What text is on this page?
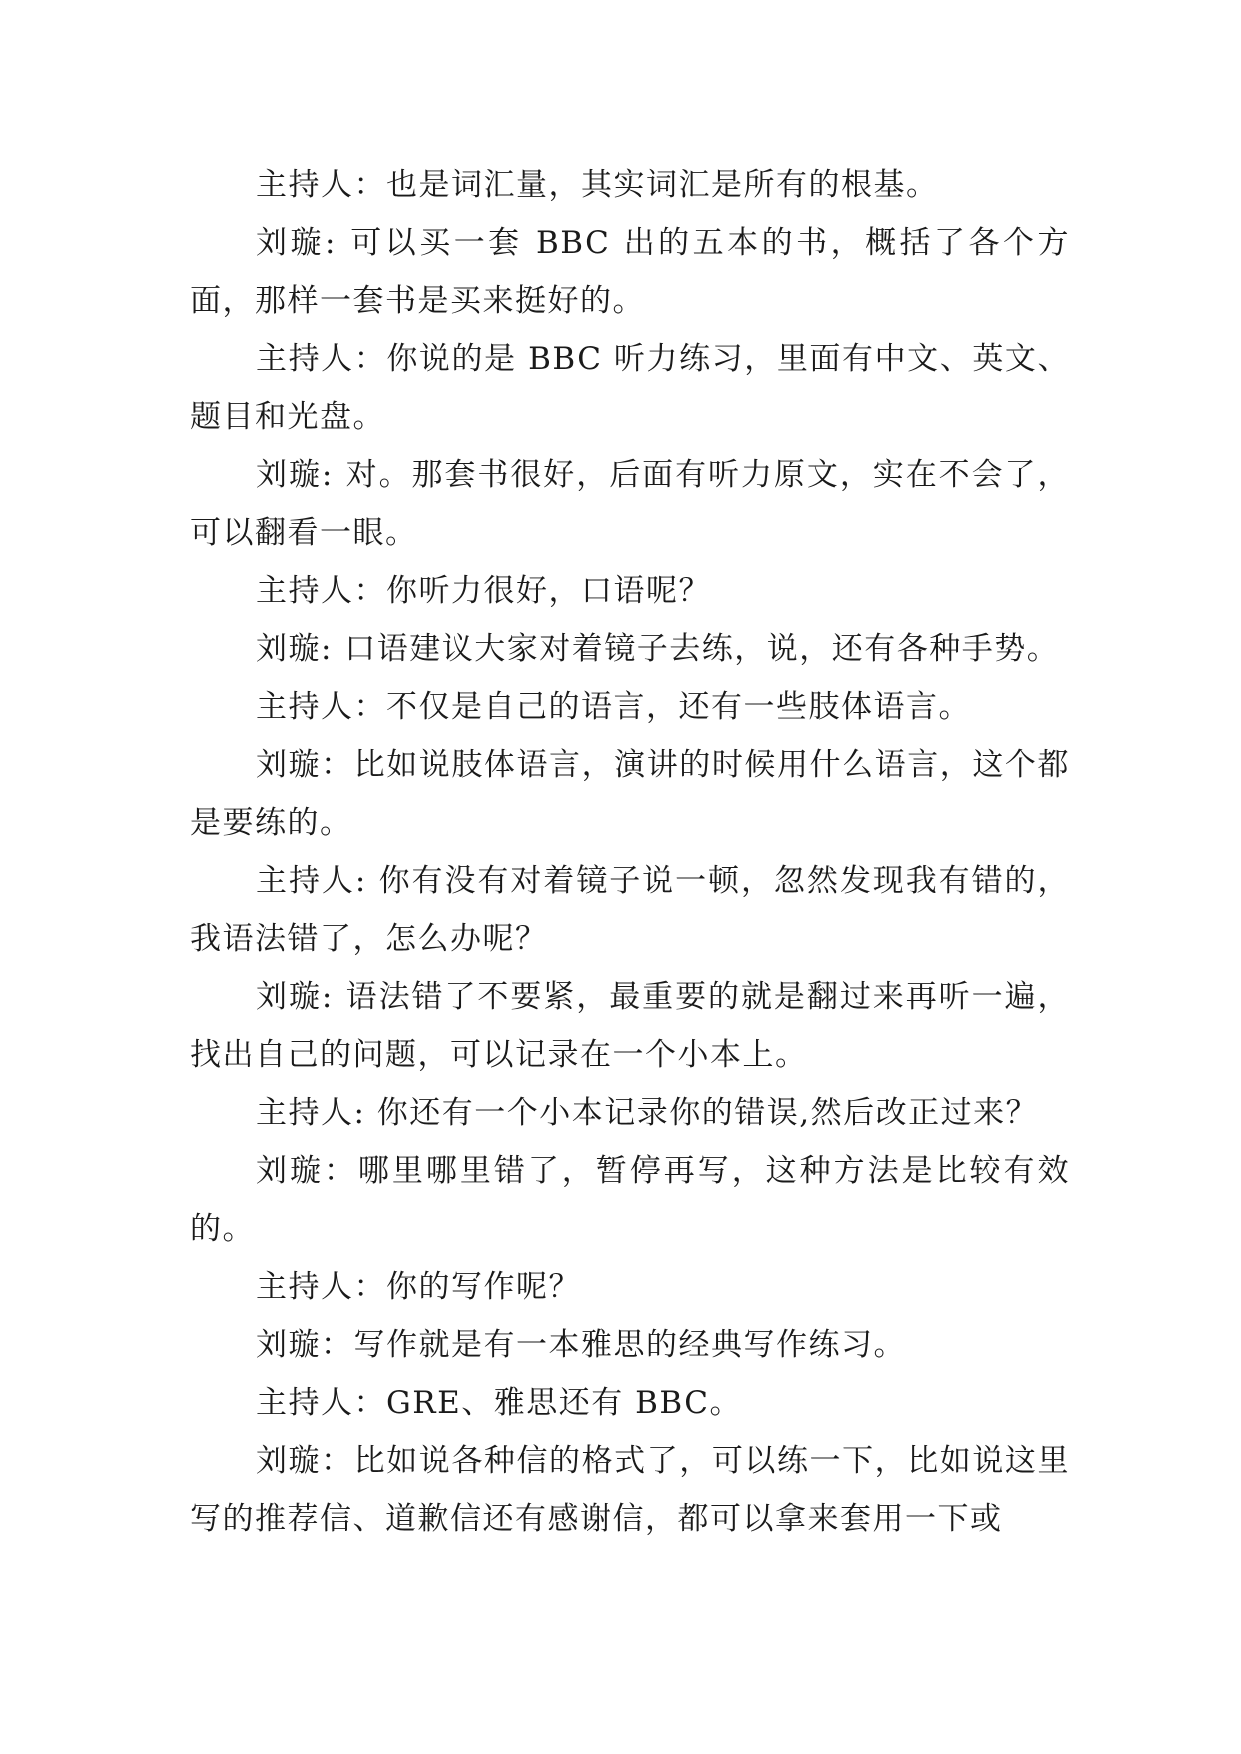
主持人：也是词汇量，其实词汇是所有的根基。

刘璇: 可以买一套 BBC 出的五本的书，概括了各个方面，那样一套书是买来挺好的。

主持人：你说的是 BBC 听力练习，里面有中文、英文、题目和光盘。

刘璇: 对。那套书很好，后面有听力原文，实在不会了，可以翻看一眼。

主持人：你听力很好，口语呢？

刘璇: 口语建议大家对着镜子去练，说，还有各种手势。

主持人：不仅是自己的语言，还有一些肢体语言。

刘璇：比如说肢体语言，演讲的时候用什么语言，这个都是要练的。

主持人: 你有没有对着镜子说一顿，忽然发现我有错的，我语法错了，怎么办呢？

刘璇: 语法错了不要紧，最重要的就是翻过来再听一遍，找出自己的问题，可以记录在一个小本上。

主持人: 你还有一个小本记录你的错误,然后改正过来？

刘璇：哪里哪里错了，暂停再写，这种方法是比较有效的。

主持人：你的写作呢？

刘璇：写作就是有一本雅思的经典写作练习。

主持人：GRE、雅思还有 BBC。

刘璇：比如说各种信的格式了，可以练一下，比如说这里写的推荐信、道歉信还有感谢信，都可以拿来套用一下或
